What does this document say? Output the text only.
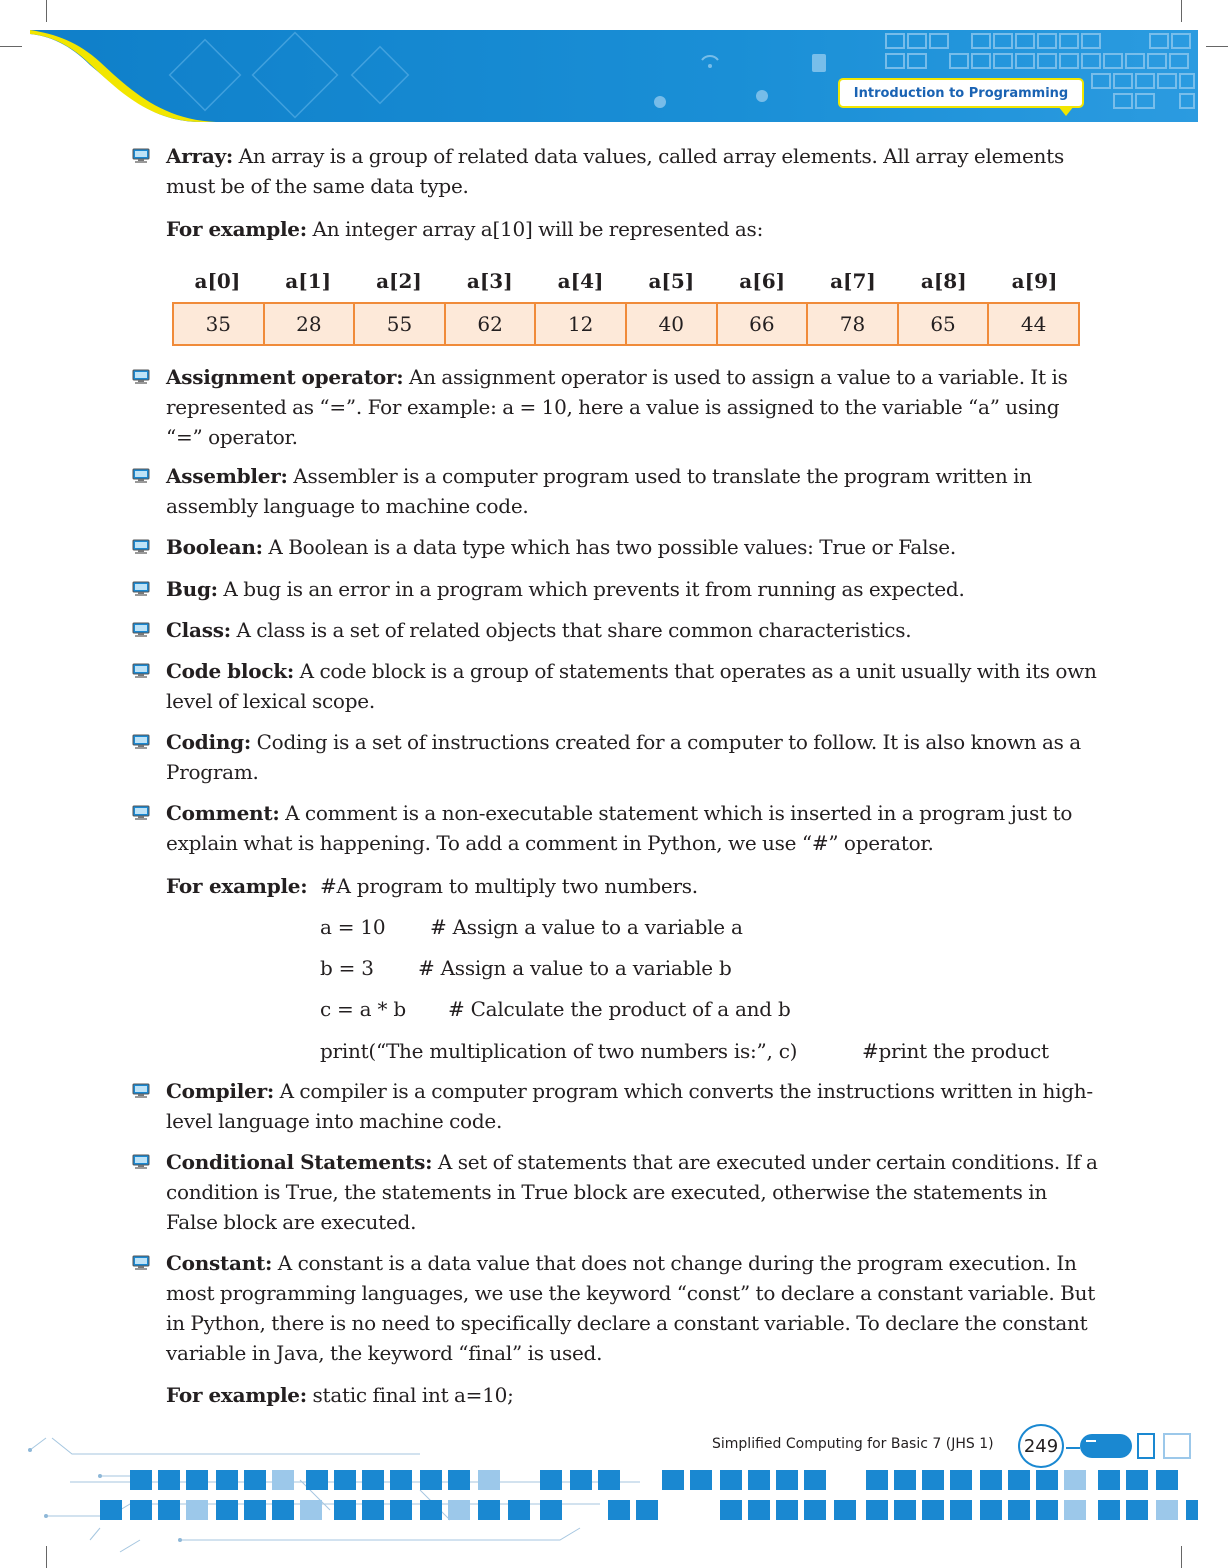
Introduction to Programming

Array: An array is a group of related data values, called array elements. All array elements must be of the same data type.

For example: An integer array a[10] will be represented as:

a[0]	a[1]	a[2]	a[3]	a[4]	a[5]	a[6]	a[7]	a[8]	a[9]
35	28	55	62	12	40	66	78	65	44

Assignment operator: An assignment operator is used to assign a value to a variable. It is represented as “=”. For example: a = 10, here a value is assigned to the variable “a” using “=” operator.

Assembler: Assembler is a computer program used to translate the program written in assembly language to machine code.

Boolean: A Boolean is a data type which has two possible values: True or False.

Bug: A bug is an error in a program which prevents it from running as expected.

Class: A class is a set of related objects that share common characteristics.

Code block: A code block is a group of statements that operates as a unit usually with its own level of lexical scope.

Coding: Coding is a set of instructions created for a computer to follow. It is also known as a Program.

Comment: A comment is a non-executable statement which is inserted in a program just to explain what is happening. To add a comment in Python, we use “#” operator.

For example: #A program to multiply two numbers.
a = 10 # Assign a value to a variable a
b = 3 # Assign a value to a variable b
c = a * b # Calculate the product of a and b
print(“The multiplication of two numbers is:”, c)	#print the product

Compiler: A compiler is a computer program which converts the instructions written in high-level language into machine code.

Conditional Statements: A set of statements that are executed under certain conditions. If a condition is True, the statements in True block are executed, otherwise the statements in False block are executed.

Constant: A constant is a data value that does not change during the program execution. In most programming languages, we use the keyword “const” to declare a constant variable. But in Python, there is no need to specifically declare a constant variable. To declare the constant variable in Java, the keyword “final” is used.

For example: static final int a=10;

Simplified Computing for Basic 7 (JHS 1)	249
